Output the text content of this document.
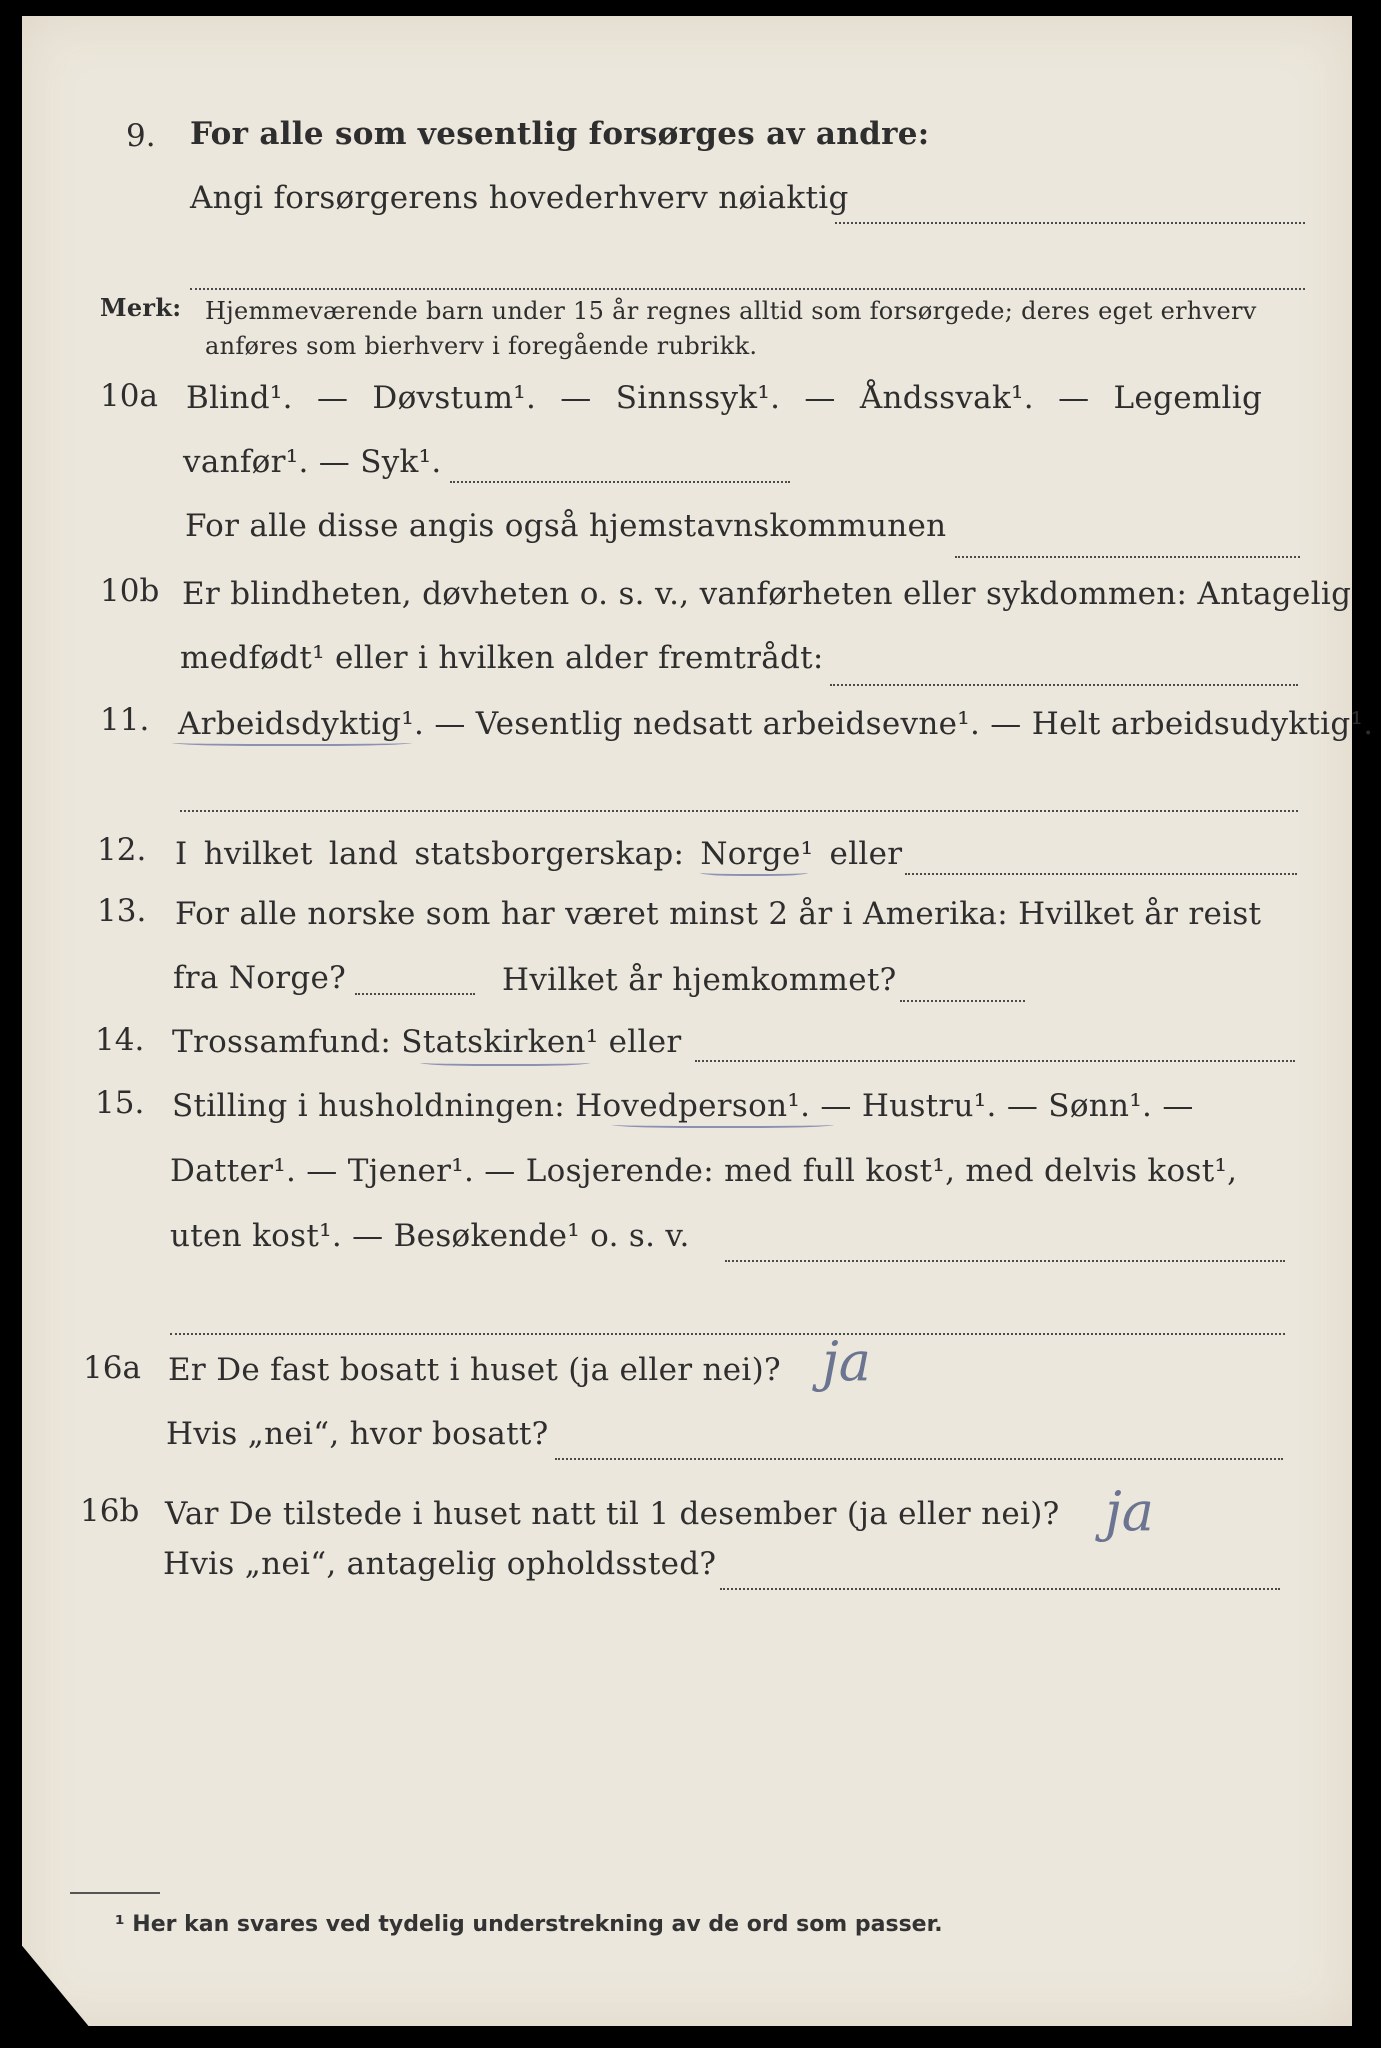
9. For alle som vesentlig forsørges av andre:
Angi forsørgerens hovederhverv nøiaktig
Merk: Hjemmeværende barn under 15 år regnes alltid som forsørgede; deres eget erhverv
anføres som bierhverv i foregående rubrikk.
10a Blind¹. — Døvstum¹. — Sinnssyk¹. — Åndssvak¹. — Legemlig
vanfør¹. — Syk¹.
For alle disse angis også hjemstavnskommunen
10b Er blindheten, døvheten o. s. v., vanførheten eller sykdommen: Antagelig
medfødt¹ eller i hvilken alder fremtrådt:
11. Arbeidsdyktig¹. — Vesentlig nedsatt arbeidsevne¹. — Helt arbeidsudyktig¹.
12. I hvilket land statsborgerskap: Norge¹ eller
13. For alle norske som har været minst 2 år i Amerika: Hvilket år reist
fra Norge?	Hvilket år hjemkommet?
14. Trossamfund: Statskirken¹ eller
15. Stilling i husholdningen: Hovedperson¹. — Hustru¹. — Sønn¹. —
Datter¹. — Tjener¹. — Losjerende: med full kost¹, med delvis kost¹,
uten kost¹. — Besøkende¹ o. s. v.
16a Er De fast bosatt i huset (ja eller nei)? ja
Hvis „nei“, hvor bosatt?
16b Var De tilstede i huset natt til 1 desember (ja eller nei)? ja
Hvis „nei“, antagelig opholdssted?
¹ Her kan svares ved tydelig understrekning av de ord som passer.
